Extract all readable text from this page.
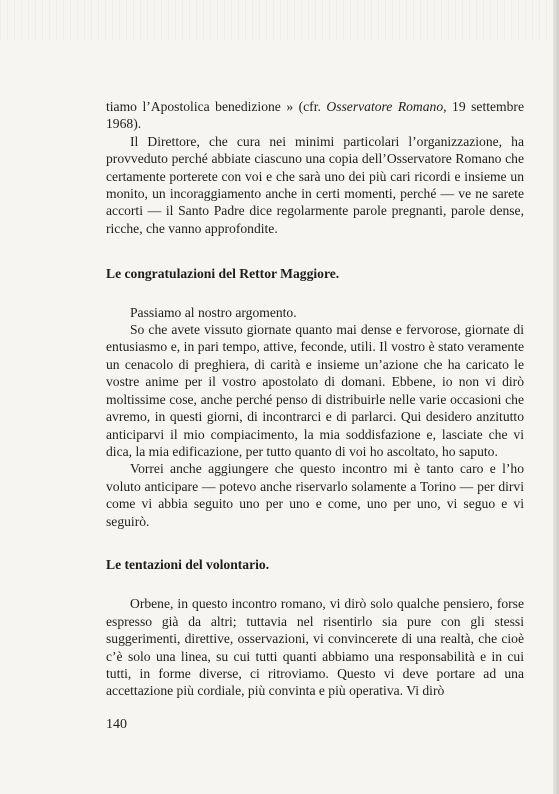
tiamo l’Apostolica benedizione » (cfr. Osservatore Romano, 19 settembre 1968).

Il Direttore, che cura nei minimi particolari l’organizzazione, ha provveduto perché abbiate ciascuno una copia dell’Osservatore Romano che certamente porterete con voi e che sarà uno dei più cari ricordi e insieme un monito, un incoraggiamento anche in certi momenti, perché — ve ne sarete accorti — il Santo Padre dice regolarmente parole pregnanti, parole dense, ricche, che vanno approfondite.

Le congratulazioni del Rettor Maggiore.

Passiamo al nostro argomento.

So che avete vissuto giornate quanto mai dense e fervorose, giornate di entusiasmo e, in pari tempo, attive, feconde, utili. Il vostro è stato veramente un cenacolo di preghiera, di carità e insieme un’azione che ha caricato le vostre anime per il vostro apostolato di domani. Ebbene, io non vi dirò moltissime cose, anche perché penso di distribuirle nelle varie occasioni che avremo, in questi giorni, di incontrarci e di parlarci. Qui desidero anzitutto anticiparvi il mio compiacimento, la mia soddisfazione e, lasciate che vi dica, la mia edificazione, per tutto quanto di voi ho ascoltato, ho saputo.

Vorrei anche aggiungere che questo incontro mi è tanto caro e l’ho voluto anticipare — potevo anche riservarlo solamente a Torino — per dirvi come vi abbia seguito uno per uno e come, uno per uno, vi seguo e vi seguirò.

Le tentazioni del volontario.

Orbene, in questo incontro romano, vi dirò solo qualche pensiero, forse espresso già da altri; tuttavia nel risentirlo sia pure con gli stessi suggerimenti, direttive, osservazioni, vi convincerete di una realtà, che cioè c’è solo una linea, su cui tutti quanti abbiamo una responsabilità e in cui tutti, in forme diverse, ci ritroviamo. Questo vi deve portare ad una accettazione più cordiale, più convinta e più operativa. Vi dirò

140
